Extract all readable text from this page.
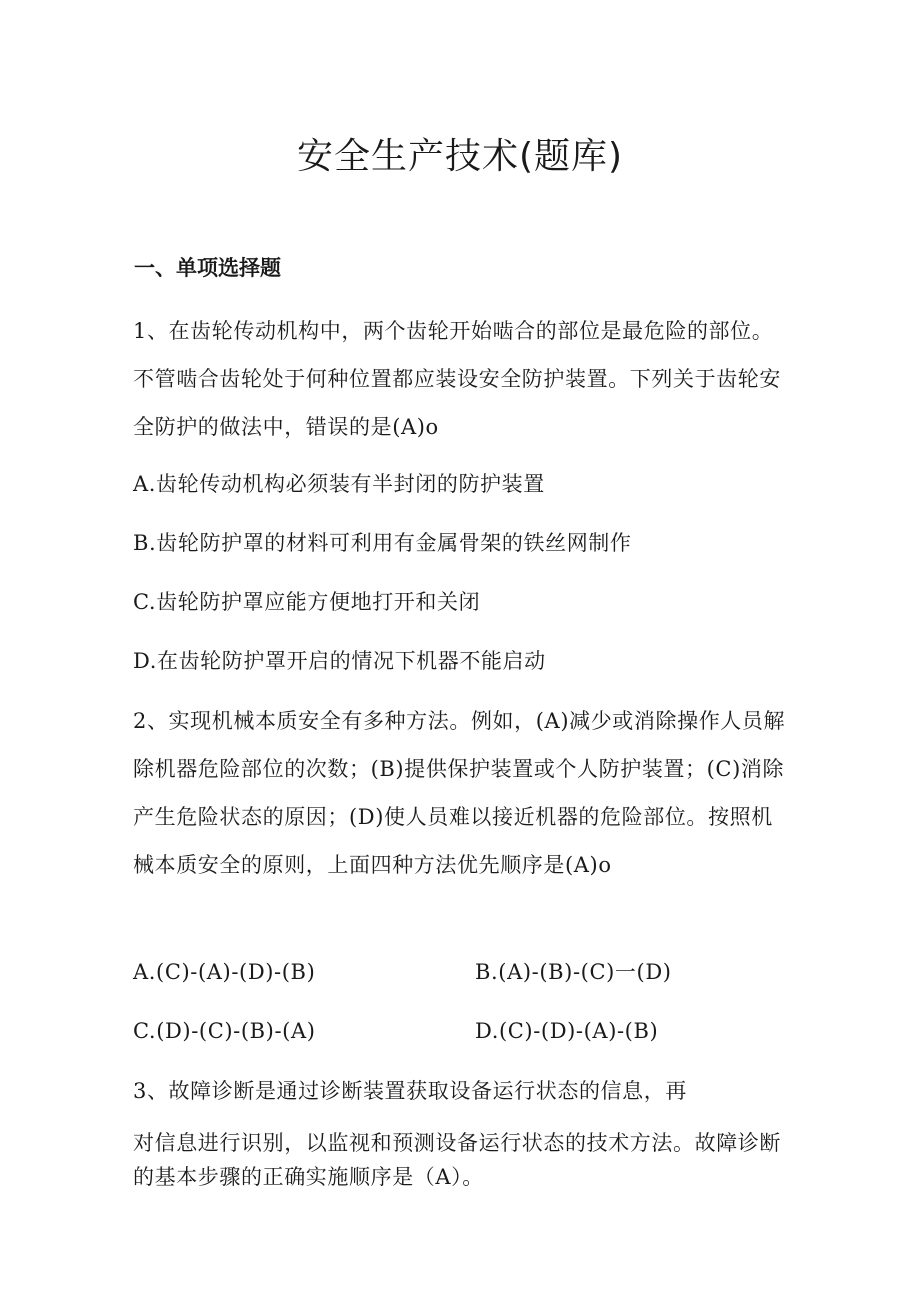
安全生产技术(题库)
一、单项选择题
1、在齿轮传动机构中，两个齿轮开始啮合的部位是最危险的部位。不管啮合齿轮处于何种位置都应装设安全防护装置。下列关于齿轮安全防护的做法中，错误的是(A)o
A.齿轮传动机构必须装有半封闭的防护装置
B.齿轮防护罩的材料可利用有金属骨架的铁丝网制作
C.齿轮防护罩应能方便地打开和关闭
D.在齿轮防护罩开启的情况下机器不能启动
2、实现机械本质安全有多种方法。例如，(A)减少或消除操作人员解除机器危险部位的次数；(B)提供保护装置或个人防护装置；(C)消除产生危险状态的原因；(D)使人员难以接近机器的危险部位。按照机械本质安全的原则，上面四种方法优先顺序是(A)o
A.(C)-(A)-(D)-(B)	B.(A)-(B)-(C)一(D)
C.(D)-(C)-(B)-(A)	D.(C)-(D)-(A)-(B)
3、故障诊断是通过诊断装置获取设备运行状态的信息，再
对信息进行识别，以监视和预测设备运行状态的技术方法。故障诊断的基本步骤的正确实施顺序是（A）。
